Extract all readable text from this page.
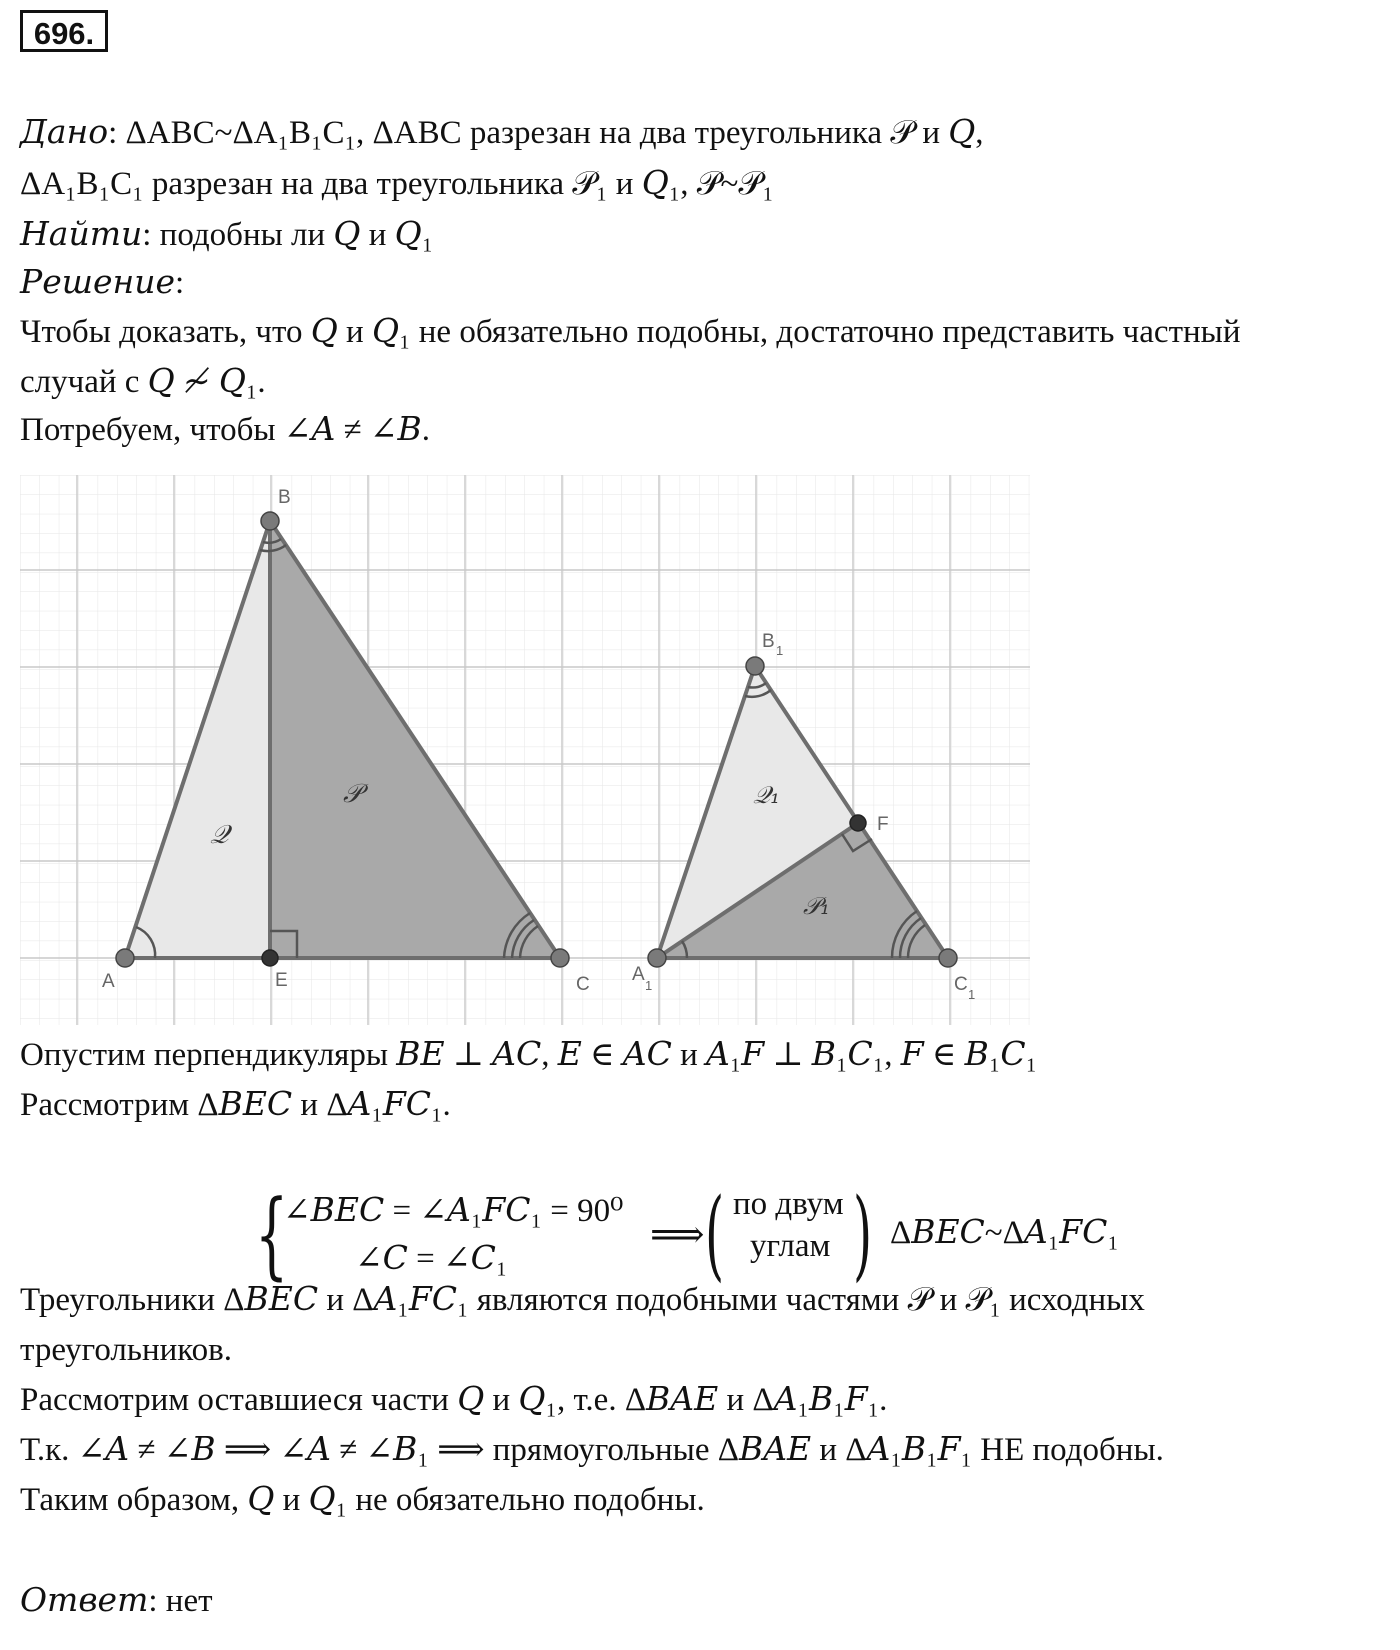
696.
Дано: ΔABC~ΔA₁B₁C₁, ΔABC разрезан на два треугольника 𝒫 и 𝑄,
ΔA₁B₁C₁ разрезан на два треугольника 𝒫₁ и 𝑄₁, 𝒫~𝒫₁
Найти: подобны ли 𝑄 и 𝑄₁
Решение:
Чтобы доказать, что 𝑄 и 𝑄₁ не обязательно подобны, достаточно представить частный
случай с 𝑄 ≁ 𝑄₁.
Потребуем, чтобы ∠𝐴 ≠ ∠𝐵.
A
B
C
E	A
1
B 1
C 1
F
𝒬
𝒫	𝒬₁
𝒫₁
Опустим перпендикуляры 𝐵𝐸 ⊥ 𝐴𝐶, 𝐸 ∈ 𝐴𝐶 и 𝐴₁𝐹 ⊥ 𝐵₁𝐶₁, 𝐹 ∈ 𝐵₁𝐶₁
Рассмотрим Δ𝐵𝐸𝐶 и Δ𝐴₁𝐹𝐶₁.
{
∠𝐵𝐸𝐶 = ∠𝐴₁𝐹𝐶₁ = 90⁰
∠𝐶 = ∠𝐶₁
⟹ ( по двум
углам ) Δ𝐵𝐸𝐶~Δ𝐴₁𝐹𝐶₁
Треугольники Δ𝐵𝐸𝐶 и Δ𝐴₁𝐹𝐶₁ являются подобными частями 𝒫 и 𝒫₁ исходных
треугольников.
Рассмотрим оставшиеся части 𝑄 и 𝑄₁, т.е. Δ𝐵𝐴𝐸 и Δ𝐴₁𝐵₁𝐹₁.
Т.к. ∠𝐴 ≠ ∠𝐵 ⟹ ∠𝐴 ≠ ∠𝐵₁ ⟹ прямоугольные Δ𝐵𝐴𝐸 и Δ𝐴₁𝐵₁𝐹₁ НЕ подобны.
Таким образом, 𝑄 и 𝑄₁ не обязательно подобны.
Ответ: нет
